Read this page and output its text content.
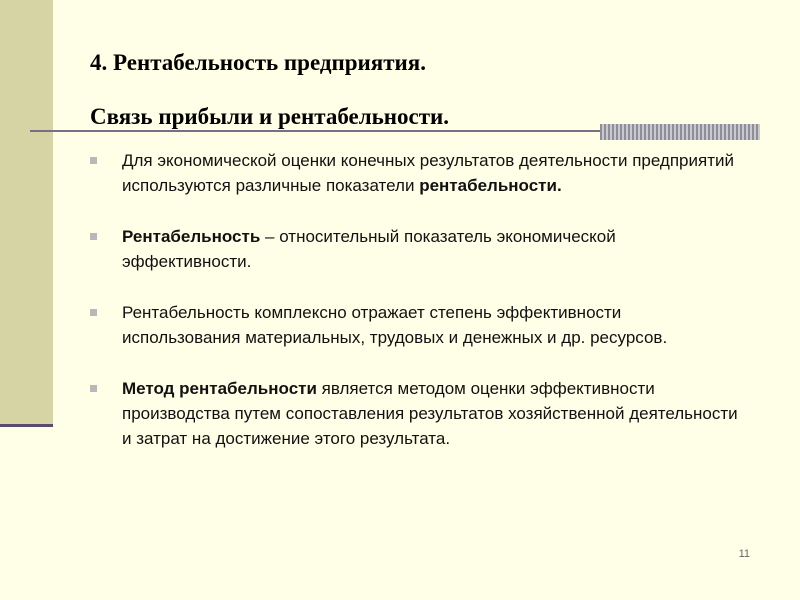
4. Рентабельность предприятия.
Связь прибыли и рентабельности.

Для экономической оценки конечных результатов деятельности предприятий используются различные показатели рентабельности.

Рентабельность – относительный показатель экономической эффективности.

Рентабельность комплексно отражает степень эффективности использования материальных, трудовых и денежных и др. ресурсов.

Метод рентабельности является методом оценки эффективности производства путем сопоставления результатов хозяйственной деятельности и затрат на достижение этого результата.

11
